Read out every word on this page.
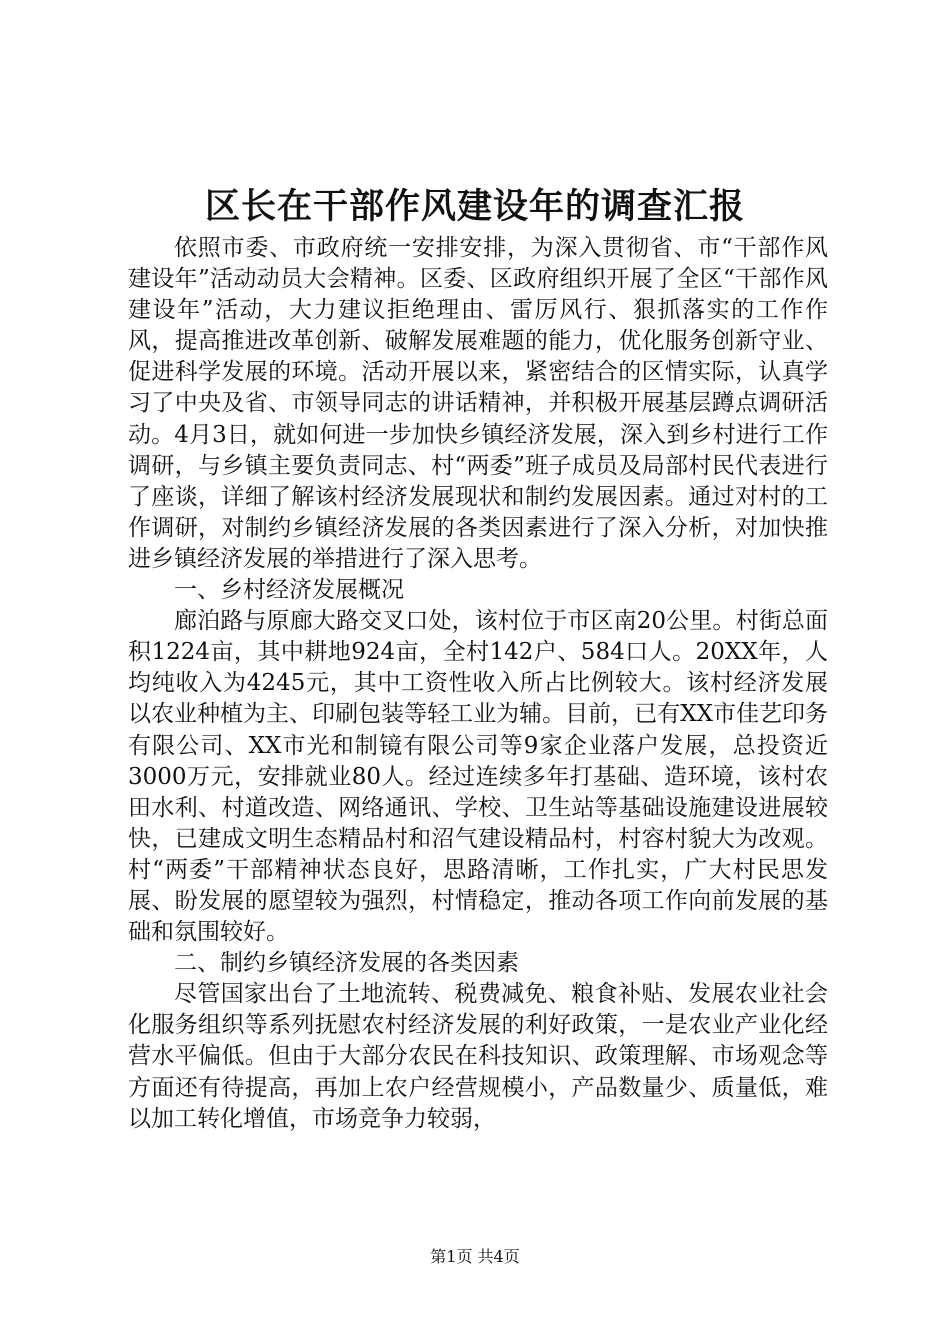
区长在干部作风建设年的调查汇报

依照市委、市政府统一安排安排，为深入贯彻省、市“干部作风建设年”活动动员大会精神。区委、区政府组织开展了全区“干部作风建设年”活动，大力建议拒绝理由、雷厉风行、狠抓落实的工作作风，提高推进改革创新、破解发展难题的能力，优化服务创新守业、促进科学发展的环境。活动开展以来，紧密结合的区情实际，认真学习了中央及省、市领导同志的讲话精神，并积极开展基层蹲点调研活动。4月3日，就如何进一步加快乡镇经济发展，深入到乡村进行工作调研，与乡镇主要负责同志、村“两委”班子成员及局部村民代表进行了座谈，详细了解该村经济发展现状和制约发展因素。通过对村的工作调研，对制约乡镇经济发展的各类因素进行了深入分析，对加快推进乡镇经济发展的举措进行了深入思考。

一、乡村经济发展概况

廊泊路与原廊大路交叉口处，该村位于市区南20公里。村街总面积1224亩，其中耕地924亩，全村142户、584口人。20XX年，人均纯收入为4245元，其中工资性收入所占比例较大。该村经济发展以农业种植为主、印刷包装等轻工业为辅。目前，已有XX市佳艺印务有限公司、XX市光和制镜有限公司等9家企业落户发展，总投资近3000万元，安排就业80人。经过连续多年打基础、造环境，该村农田水利、村道改造、网络通讯、学校、卫生站等基础设施建设进展较快，已建成文明生态精品村和沼气建设精品村，村容村貌大为改观。村“两委”干部精神状态良好，思路清晰，工作扎实，广大村民思发展、盼发展的愿望较为强烈，村情稳定，推动各项工作向前发展的基础和氛围较好。

二、制约乡镇经济发展的各类因素

尽管国家出台了土地流转、税费减免、粮食补贴、发展农业社会化服务组织等系列抚慰农村经济发展的利好政策，一是农业产业化经营水平偏低。但由于大部分农民在科技知识、政策理解、市场观念等方面还有待提高，再加上农户经营规模小，产品数量少、质量低，难以加工转化增值，市场竞争力较弱，

第1页 共4页
